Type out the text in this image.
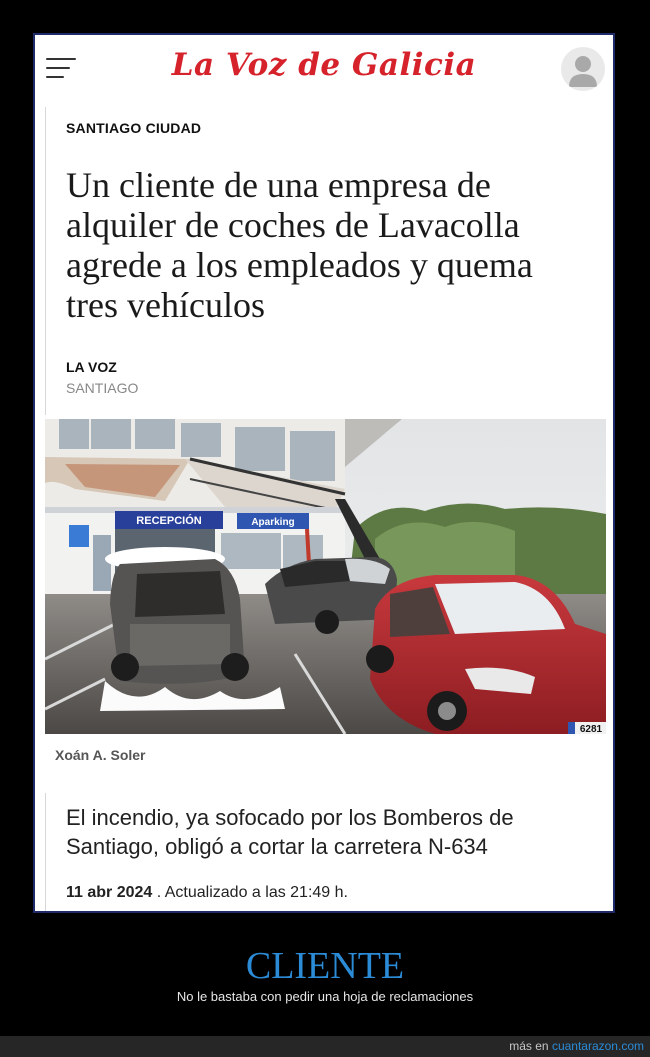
La Voz de Galicia
SANTIAGO CIUDAD
Un cliente de una empresa de alquiler de coches de Lavacolla agrede a los empleados y quema tres vehículos
LA VOZ
SANTIAGO
RECEPCIÓN	Aparking
6281
Xoán A. Soler
El incendio, ya sofocado por los Bomberos de Santiago, obligó a cortar la carretera N-634
11 abr 2024 . Actualizado a las 21:49 h.
CLIENTE
No le bastaba con pedir una hoja de reclamaciones
más en cuantarazon.com
